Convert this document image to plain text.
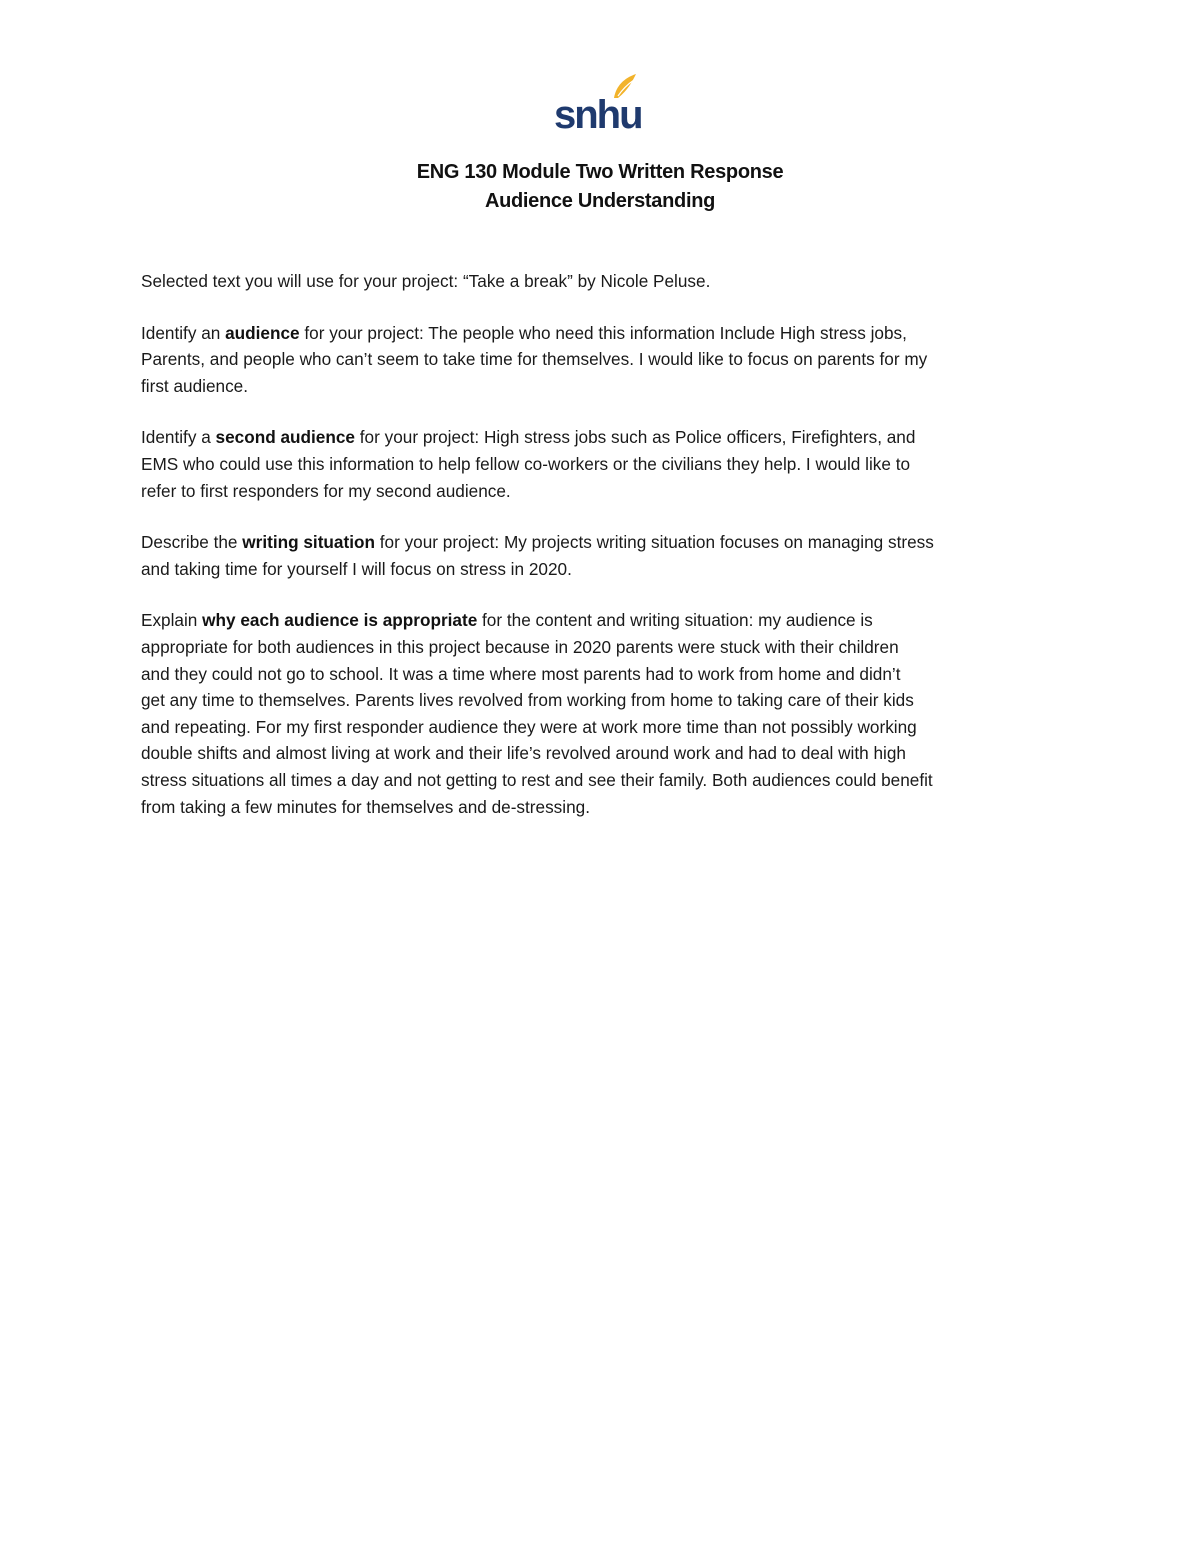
snhu
ENG 130 Module Two Written Response
Audience Understanding
Selected text you will use for your project: “Take a break” by Nicole Peluse.
Identify an audience for your project: The people who need this information Include High stress jobs,
Parents, and people who can’t seem to take time for themselves. I would like to focus on parents for my
first audience.
Identify a second audience for your project: High stress jobs such as Police officers, Firefighters, and
EMS who could use this information to help fellow co-workers or the civilians they help. I would like to
refer to first responders for my second audience.
Describe the writing situation for your project: My projects writing situation focuses on managing stress
and taking time for yourself I will focus on stress in 2020.
Explain why each audience is appropriate for the content and writing situation: my audience is
appropriate for both audiences in this project because in 2020 parents were stuck with their children
and they could not go to school. It was a time where most parents had to work from home and didn’t
get any time to themselves. Parents lives revolved from working from home to taking care of their kids
and repeating. For my first responder audience they were at work more time than not possibly working
double shifts and almost living at work and their life’s revolved around work and had to deal with high
stress situations all times a day and not getting to rest and see their family. Both audiences could benefit
from taking a few minutes for themselves and de-stressing.
